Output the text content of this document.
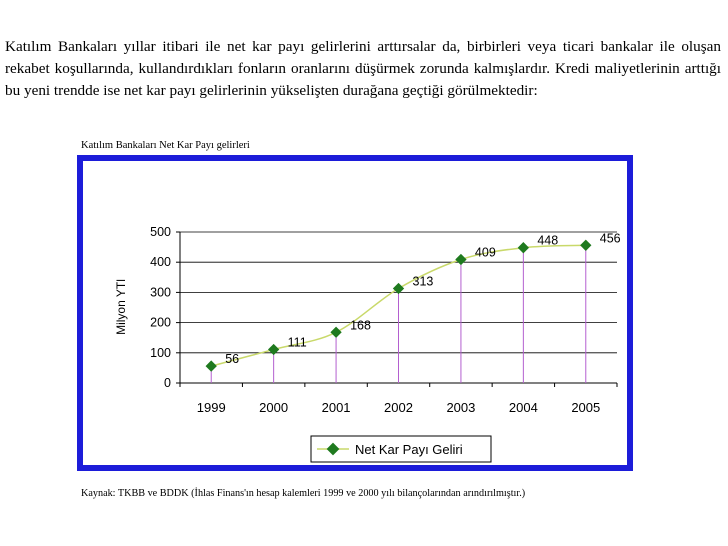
Katılım Bankaları yıllar itibari ile net kar payı gelirlerini arttırsalar da, birbirleri veya ticari bankalar ile oluşan rekabet koşullarında, kullandırdıkları fonların oranlarını düşürmek zorunda kalmışlardır. Kredi maliyetlerinin arttığı bu yeni trendde ise net kar payı gelirlerinin yükselişten durağana geçtiği görülmektedir:
Katılım Bankaları Net Kar Payı gelirleri
56
111
168
313
409
448	456
0
100
200
300
400
500
1999	2000	2001	2002	2003	2004	2005
Milyon YTl
Net Kar Payı Geliri
Kaynak: TKBB ve BDDK (İhlas Finans'ın hesap kalemleri 1999 ve 2000 yılı bilançolarından arındırılmıştır.)
